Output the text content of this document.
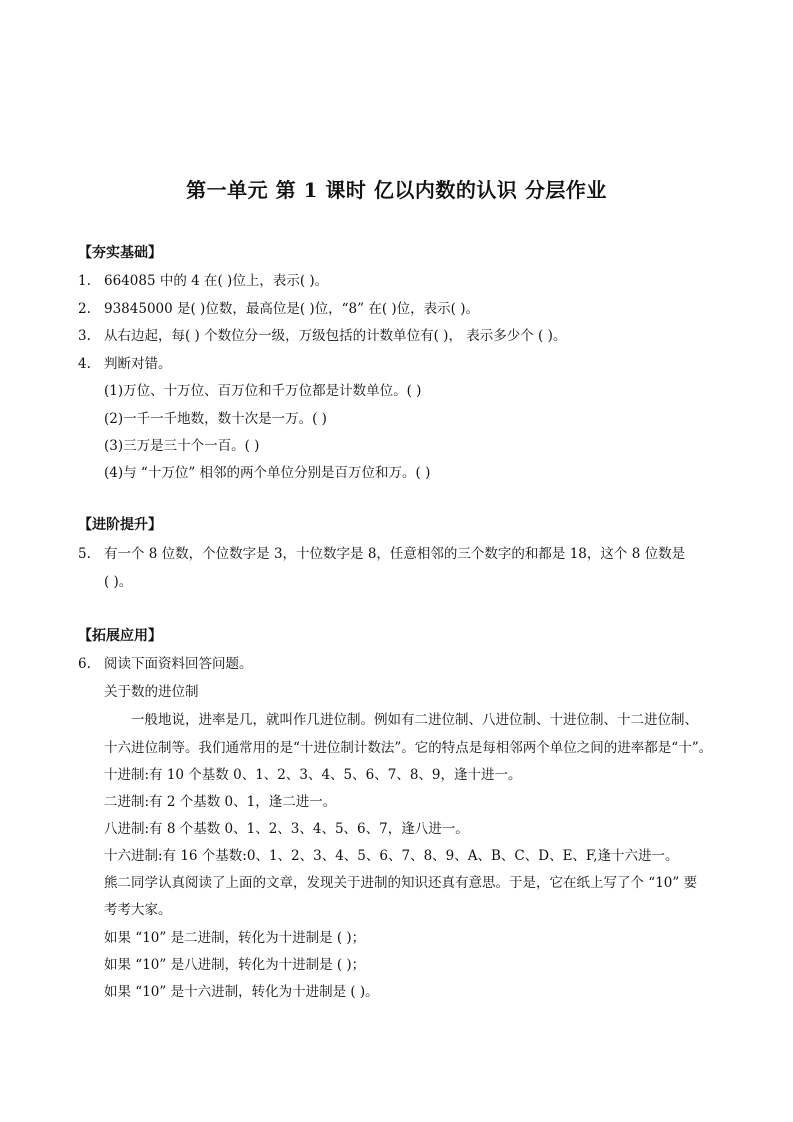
第一单元 第 1 课时 亿以内数的认识 分层作业
【夯实基础】
1. 664085 中的 4 在( )位上，表示( )。
2. 93845000 是( )位数，最高位是( )位，“8” 在( )位，表示( )。
3. 从右边起，每( ) 个数位分一级，万级包括的计数单位有( )， 表示多少个 ( )。
4. 判断对错。
(1)万位、十万位、百万位和千万位都是计数单位。( )
(2)一千一千地数，数十次是一万。( )
(3)三万是三十个一百。( )
(4)与 “十万位” 相邻的两个单位分别是百万位和万。( )
【进阶提升】
5. 有一个 8 位数，个位数字是 3，十位数字是 8，任意相邻的三个数字的和都是 18，这个 8 位数是
( )。
【拓展应用】
6. 阅读下面资料回答问题。
关于数的进位制
一般地说，进率是几，就叫作几进位制。例如有二进位制、八进位制、十进位制、十二进位制、
十六进位制等。我们通常用的是“十进位制计数法”。它的特点是每相邻两个单位之间的进率都是“十”。
十进制:有 10 个基数 0、1、2、3、4、5、6、7、8、9，逢十进一。
二进制:有 2 个基数 0、1，逢二进一。
八进制:有 8 个基数 0、1、2、3、4、5、6、7，逢八进一。
十六进制:有 16 个基数:0、1、2、3、4、5、6、7、8、9、A、B、C、D、E、F,逢十六进一。
熊二同学认真阅读了上面的文章，发现关于进制的知识还真有意思。于是，它在纸上写了个 “10” 要
考考大家。
如果 “10” 是二进制，转化为十进制是 ( )；
如果 “10” 是八进制，转化为十进制是 ( )；
如果 “10” 是十六进制，转化为十进制是 ( )。
